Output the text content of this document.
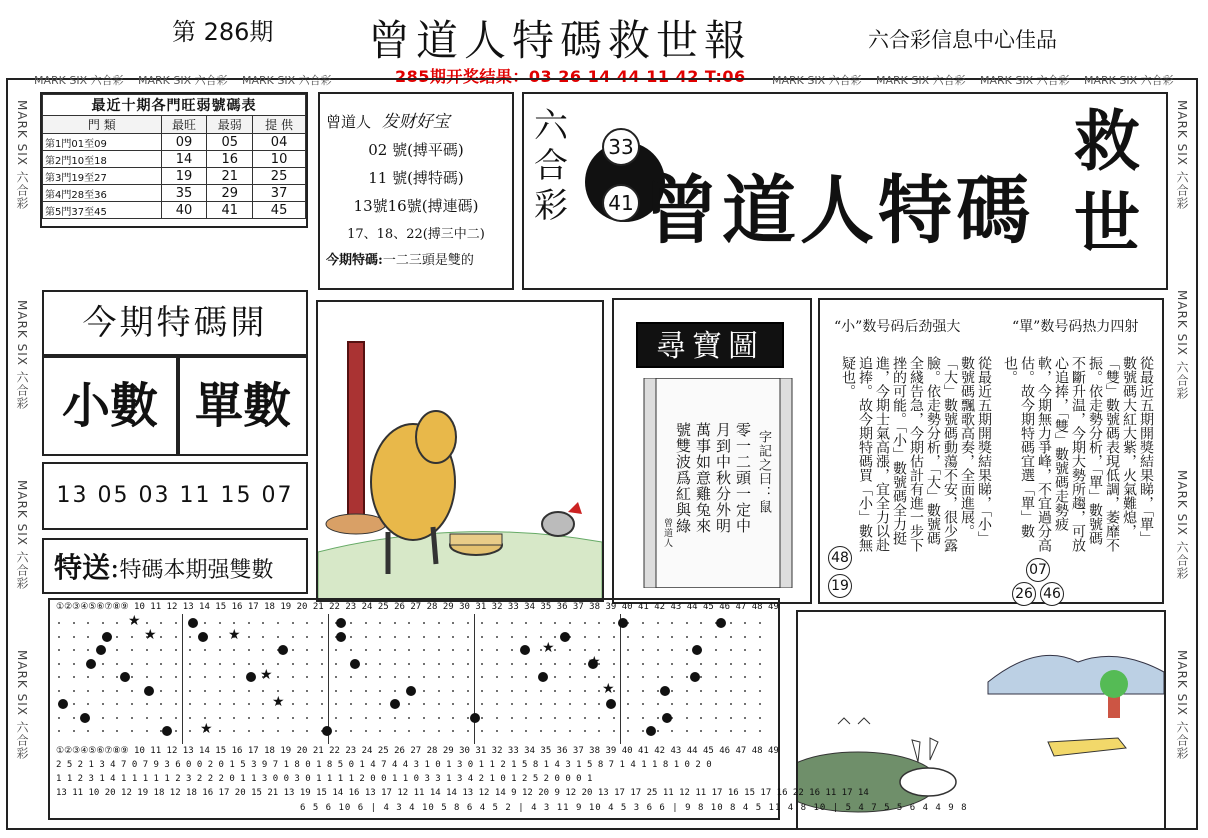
第 286期 曾道人特碼救世報	六合彩信息中心佳品
285期开奖结果：03 26 14 44 11 42 T:06
MARK SIX 六合彩 MARK SIX 六合彩 MARK SIX 六合彩	MARK SIX 六合彩 MARK SIX 六合彩 MARK SIX 六合彩 MARK SIX 六合彩
MARK SIX 六合彩
MARK SIX 六合彩
MARK SIX 六合彩
MARK SIX 六合彩
MARK SIX 六合彩
MARK SIX 六合彩
MARK SIX 六合彩
MARK SIX 六合彩
最近十期各門旺弱號碼表			
門 類	最旺	最弱	提 供
第1門01至09	09	05	04
第2門10至18	14	16	10
第3門19至27	19	21	25
第4門28至36	35	29	37
第5門37至45	40	41	45
曾道人 发财好宝
02 號(搏平碼)
11 號(搏特碼)
13號16號(搏連碼)
17、18、22(搏三中二)
今期特碼:一二三頭是雙的
六合彩
33
41 曾道人特碼
救世
今期特碼開
小數 單數
13 05 03 11 15 07
特送:特碼本期强雙數
尋寶圖
字記之曰：鼠
零一二頭一定中
月到中秋分外明
萬事如意雞兔來
號雙波爲紅與綠
曾道人
“小”数号码后劲强大	“單”数号码热力四射
從最近五期開獎結果睇，「單」數號碼大紅大紫，火氣難熄，「雙」數號碼表現低調，萎靡不振。依走勢分析，「單」數號碼不斷升温，今期大勢所趨，可放心追捧，「雙」數號碼走勢疲軟，今期無力爭峰，不宜過分高估。故今期特碼宜選「單」數也。
從最近五期開獎結果睇，「小」數號碼飄歌高奏，全面進展。「大」數號碼動蕩不安，很少露臉。依走勢分析，「大」數號碼全綫告急，今期估計有進一步下挫的可能。「小」數號碼全力挺進，今期士氣高漲，宜全力以赴追捧。故今期特碼買「小」數無疑也。
07
26 46
48
19
①②③④⑤⑥⑦⑧⑨ 10 11 12 13 14 15 16 17 18 19 20 21 22 23 24 25 26 27 28 29 30 31 32 33 34 35 36 37 38 39 40 41 42 43 44 45 46 47 48 49
①②③④⑤⑥⑦⑧⑨ 10 11 12 13 14 15 16 17 18 19 20 21 22 23 24 25 26 27 28 29 30 31 32 33 34 35 36 37 38 39 40 41 42 43 44 45 46 47 48 49
2 5 2 1 3 4 7 0 7 9 3 6 0 0 2 0 1 5 3 9 7 1 8 0 1 8 5 0 1 4 7 4 4 3 1 0 1 3 0 1 1 2 1 5 8 1 4 3 1 5 8 7 1 4 1 1 8 1 0 2 0
1 1 2 3 1 4 1 1 1 1 1 2 3 2 2 2 0 1 1 3 0 0 3 0 1 1 1 1 2 0 0 1 1 0 3 3 1 3 4 2 1 0 1 2 5 2 0 0 0 1
13 11 10 20 12 19 18 12 18 16 17 20 15 21 13 19 15 14 16 13 17 12 11 14 14 13 12 14 9 12 20 9 12 20 13 17 17 25 11 12 11 17 16 15 17 16 22 16 11 17 14
★
★	★
★
★
★
★
★
★
6 5 6 10 6 | 4 3 4 10 5 8 6 4 5 2 | 4 3 11 9 10 4 5 3 6 6 | 9 8 10 8 4 5 11 4 8 10 | 5 4 7 5 5 6 4 4 9 8
